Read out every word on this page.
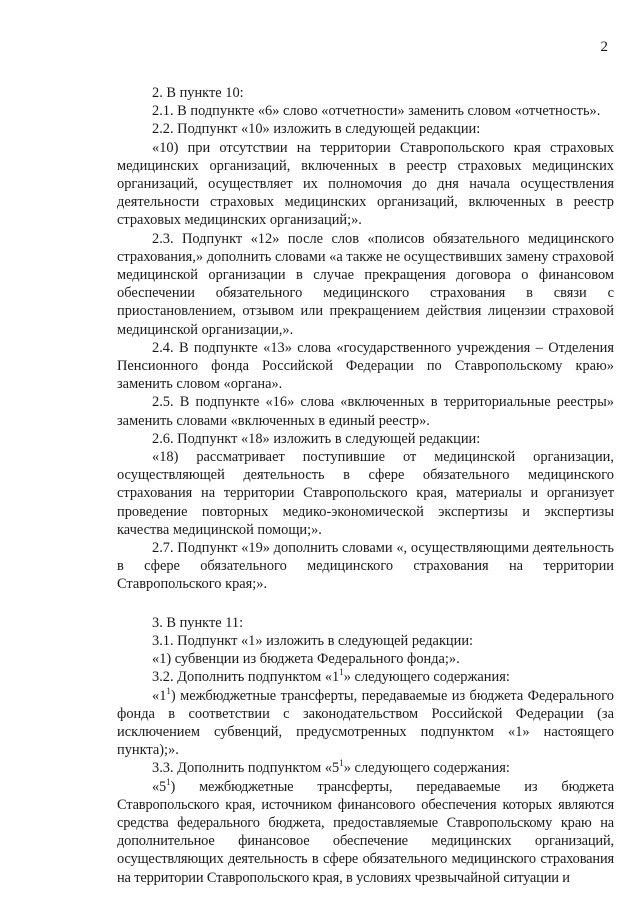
2

2. В пункте 10:

2.1. В подпункте «6» слово «отчетности» заменить словом «отчетность».

2.2. Подпункт «10» изложить в следующей редакции:

«10) при отсутствии на территории Ставропольского края страховых медицинских организаций, включенных в реестр страховых медицинских организаций, осуществляет их полномочия до дня начала осуществления деятельности страховых медицинских организаций, включенных в реестр страховых медицинских организаций;».

2.3. Подпункт «12» после слов «полисов обязательного медицинского страхования,» дополнить словами «а также не осуществивших замену страховой медицинской организации в случае прекращения договора о финансовом обеспечении обязательного медицинского страхования в связи с приостановлением, отзывом или прекращением действия лицензии страховой медицинской организации,».

2.4. В подпункте «13» слова «государственного учреждения – Отделения Пенсионного фонда Российской Федерации по Ставропольскому краю» заменить словом «органа».

2.5. В подпункте «16» слова «включенных в территориальные реестры» заменить словами «включенных в единый реестр».

2.6. Подпункт «18» изложить в следующей редакции:

«18) рассматривает поступившие от медицинской организации, осуществляющей деятельность в сфере обязательного медицинского страхования на территории Ставропольского края, материалы и организует проведение повторных медико-экономической экспертизы и экспертизы качества медицинской помощи;».

2.7. Подпункт «19» дополнить словами «, осуществляющими деятельность в сфере обязательного медицинского страхования на территории Ставропольского края;».

3. В пункте 11:

3.1. Подпункт «1» изложить в следующей редакции:

«1) субвенции из бюджета Федерального фонда;».

3.2. Дополнить подпунктом «$1^1$» следующего содержания:

«$1^1$) межбюджетные трансферты, передаваемые из бюджета Федерального фонда в соответствии с законодательством Российской Федерации (за исключением субвенций, предусмотренных подпунктом «1» настоящего пункта);».

3.3. Дополнить подпунктом «$5^1$» следующего содержания:

«$5^1$) межбюджетные трансферты, передаваемые из бюджета Ставропольского края, источником финансового обеспечения которых являются средства федерального бюджета, предоставляемые Ставропольскому краю на дополнительное финансовое обеспечение медицинских организаций, осуществляющих деятельность в сфере обязательного медицинского страхования на территории Ставропольского края, в условиях чрезвычайной ситуации и
